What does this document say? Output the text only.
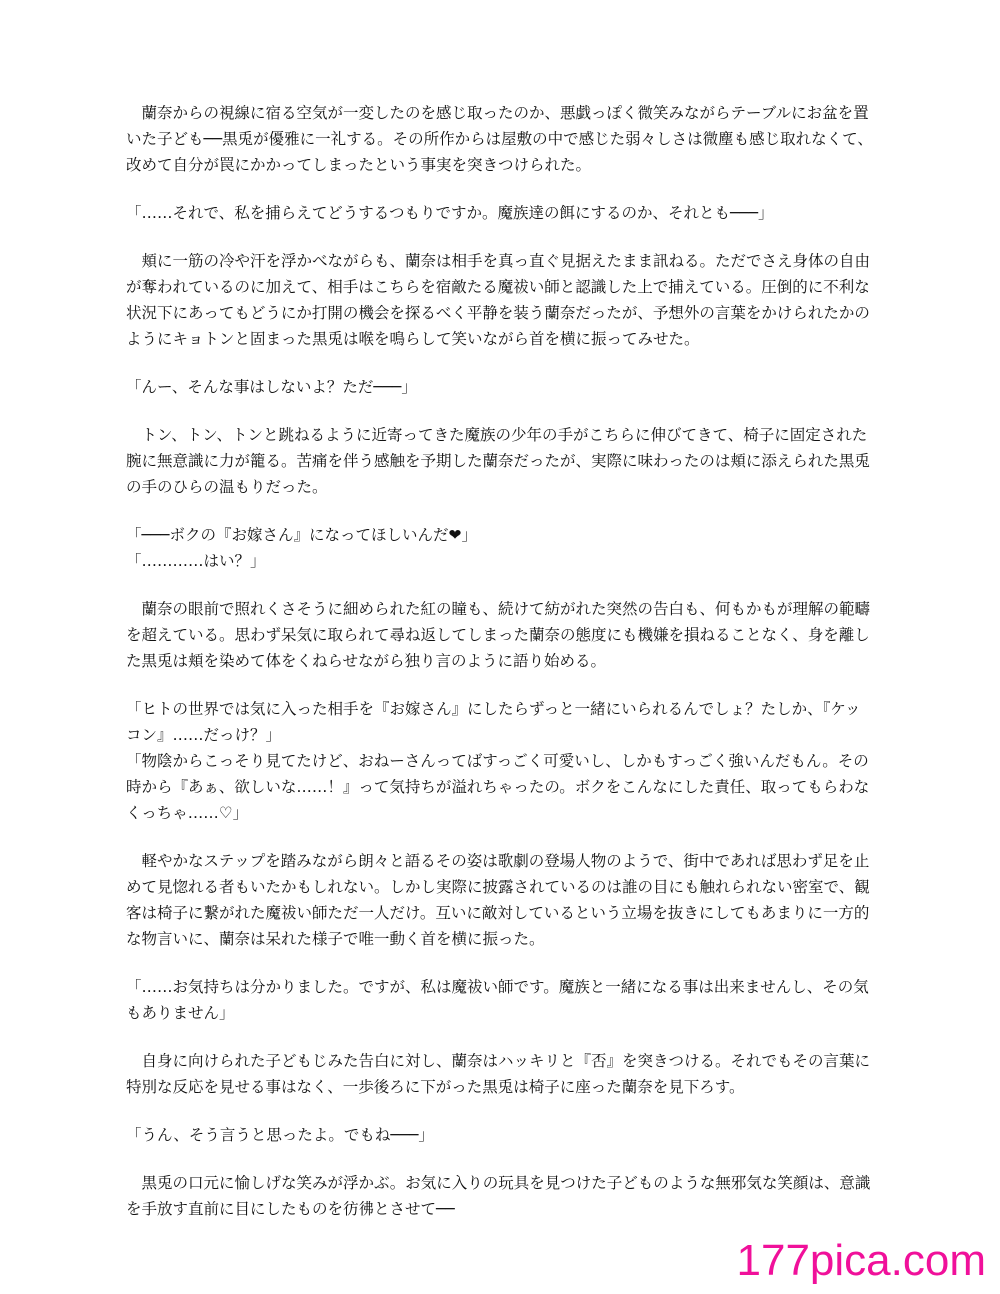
蘭奈からの視線に宿る空気が一変したのを感じ取ったのか、悪戯っぽく微笑みながらテーブルにお盆を置いた子ども──黒兎が優雅に一礼する。その所作からは屋敷の中で感じた弱々しさは微塵も感じ取れなくて、改めて自分が罠にかかってしまったという事実を突きつけられた。

「……それで、私を捕らえてどうするつもりですか。魔族達の餌にするのか、それとも───」

頬に一筋の冷や汗を浮かべながらも、蘭奈は相手を真っ直ぐ見据えたまま訊ねる。ただでさえ身体の自由が奪われているのに加えて、相手はこちらを宿敵たる魔祓い師と認識した上で捕えている。圧倒的に不利な状況下にあってもどうにか打開の機会を探るべく平静を装う蘭奈だったが、予想外の言葉をかけられたかのようにキョトンと固まった黒兎は喉を鳴らして笑いながら首を横に振ってみせた。

「んー、そんな事はしないよ？ただ───」

トン、トン、トンと跳ねるように近寄ってきた魔族の少年の手がこちらに伸びてきて、椅子に固定された腕に無意識に力が籠る。苦痛を伴う感触を予期した蘭奈だったが、実際に味わったのは頬に添えられた黒兎の手のひらの温もりだった。

「───ボクの『お嫁さん』になってほしいんだ❤」

「…………はい？」

蘭奈の眼前で照れくさそうに細められた紅の瞳も、続けて紡がれた突然の告白も、何もかもが理解の範疇を超えている。思わず呆気に取られて尋ね返してしまった蘭奈の態度にも機嫌を損ねることなく、身を離した黒兎は頬を染めて体をくねらせながら独り言のように語り始める。

「ヒトの世界では気に入った相手を『お嫁さん』にしたらずっと一緒にいられるんでしょ？たしか、『ケッコン』……だっけ？」

「物陰からこっそり見てたけど、おねーさんってばすっごく可愛いし、しかもすっごく強いんだもん。その時から『あぁ、欲しいな……！』って気持ちが溢れちゃったの。ボクをこんなにした責任、取ってもらわなくっちゃ……♡」

軽やかなステップを踏みながら朗々と語るその姿は歌劇の登場人物のようで、街中であれば思わず足を止めて見惚れる者もいたかもしれない。しかし実際に披露されているのは誰の目にも触れられない密室で、観客は椅子に繋がれた魔祓い師ただ一人だけ。互いに敵対しているという立場を抜きにしてもあまりに一方的な物言いに、蘭奈は呆れた様子で唯一動く首を横に振った。

「……お気持ちは分かりました。ですが、私は魔祓い師です。魔族と一緒になる事は出来ませんし、その気もありません」

自身に向けられた子どもじみた告白に対し、蘭奈はハッキリと『否』を突きつける。それでもその言葉に特別な反応を見せる事はなく、一歩後ろに下がった黒兎は椅子に座った蘭奈を見下ろす。

「うん、そう言うと思ったよ。でもね───」

黒兎の口元に愉しげな笑みが浮かぶ。お気に入りの玩具を見つけた子どものような無邪気な笑顔は、意識を手放す直前に目にしたものを彷彿とさせて──

177pica.com
